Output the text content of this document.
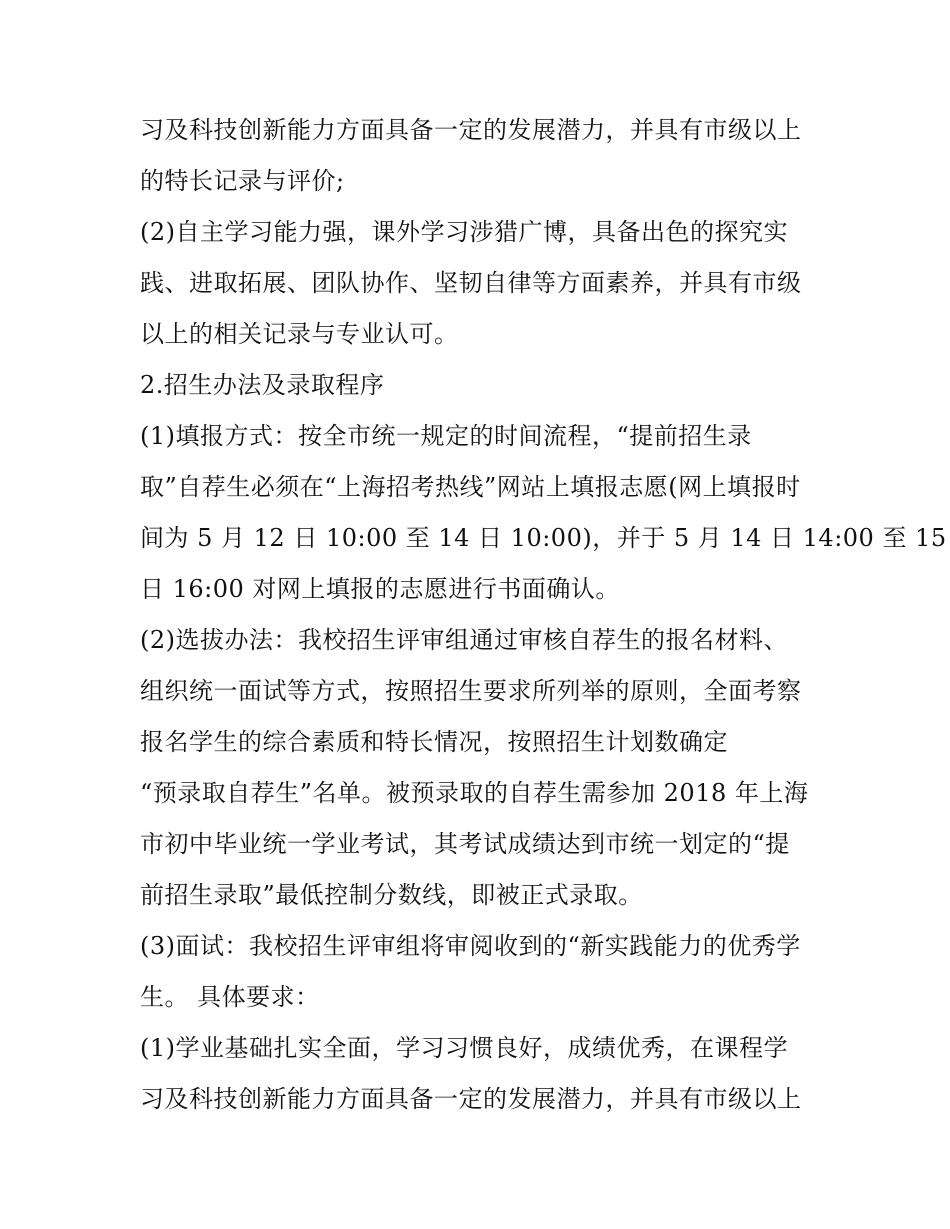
习及科技创新能力方面具备一定的发展潜力，并具有市级以上

的特长记录与评价;

(2)自主学习能力强，课外学习涉猎广博，具备出色的探究实

践、进取拓展、团队协作、坚韧自律等方面素养，并具有市级

以上的相关记录与专业认可。

2.招生办法及录取程序

(1)填报方式：按全市统一规定的时间流程，“提前招生录

取”自荐生必须在“上海招考热线”网站上填报志愿(网上填报时

间为 5 月 12 日 10:00 至 14 日 10:00)，并于 5 月 14 日 14:00 至 15

日 16:00 对网上填报的志愿进行书面确认。

(2)选拔办法：我校招生评审组通过审核自荐生的报名材料、

组织统一面试等方式，按照招生要求所列举的原则，全面考察

报名学生的综合素质和特长情况，按照招生计划数确定

“预录取自荐生”名单。被预录取的自荐生需参加 2018 年上海

市初中毕业统一学业考试，其考试成绩达到市统一划定的“提

前招生录取”最低控制分数线，即被正式录取。

(3)面试：我校招生评审组将审阅收到的“新实践能力的优秀学

生。 具体要求：

(1)学业基础扎实全面，学习习惯良好，成绩优秀，在课程学

习及科技创新能力方面具备一定的发展潜力，并具有市级以上
